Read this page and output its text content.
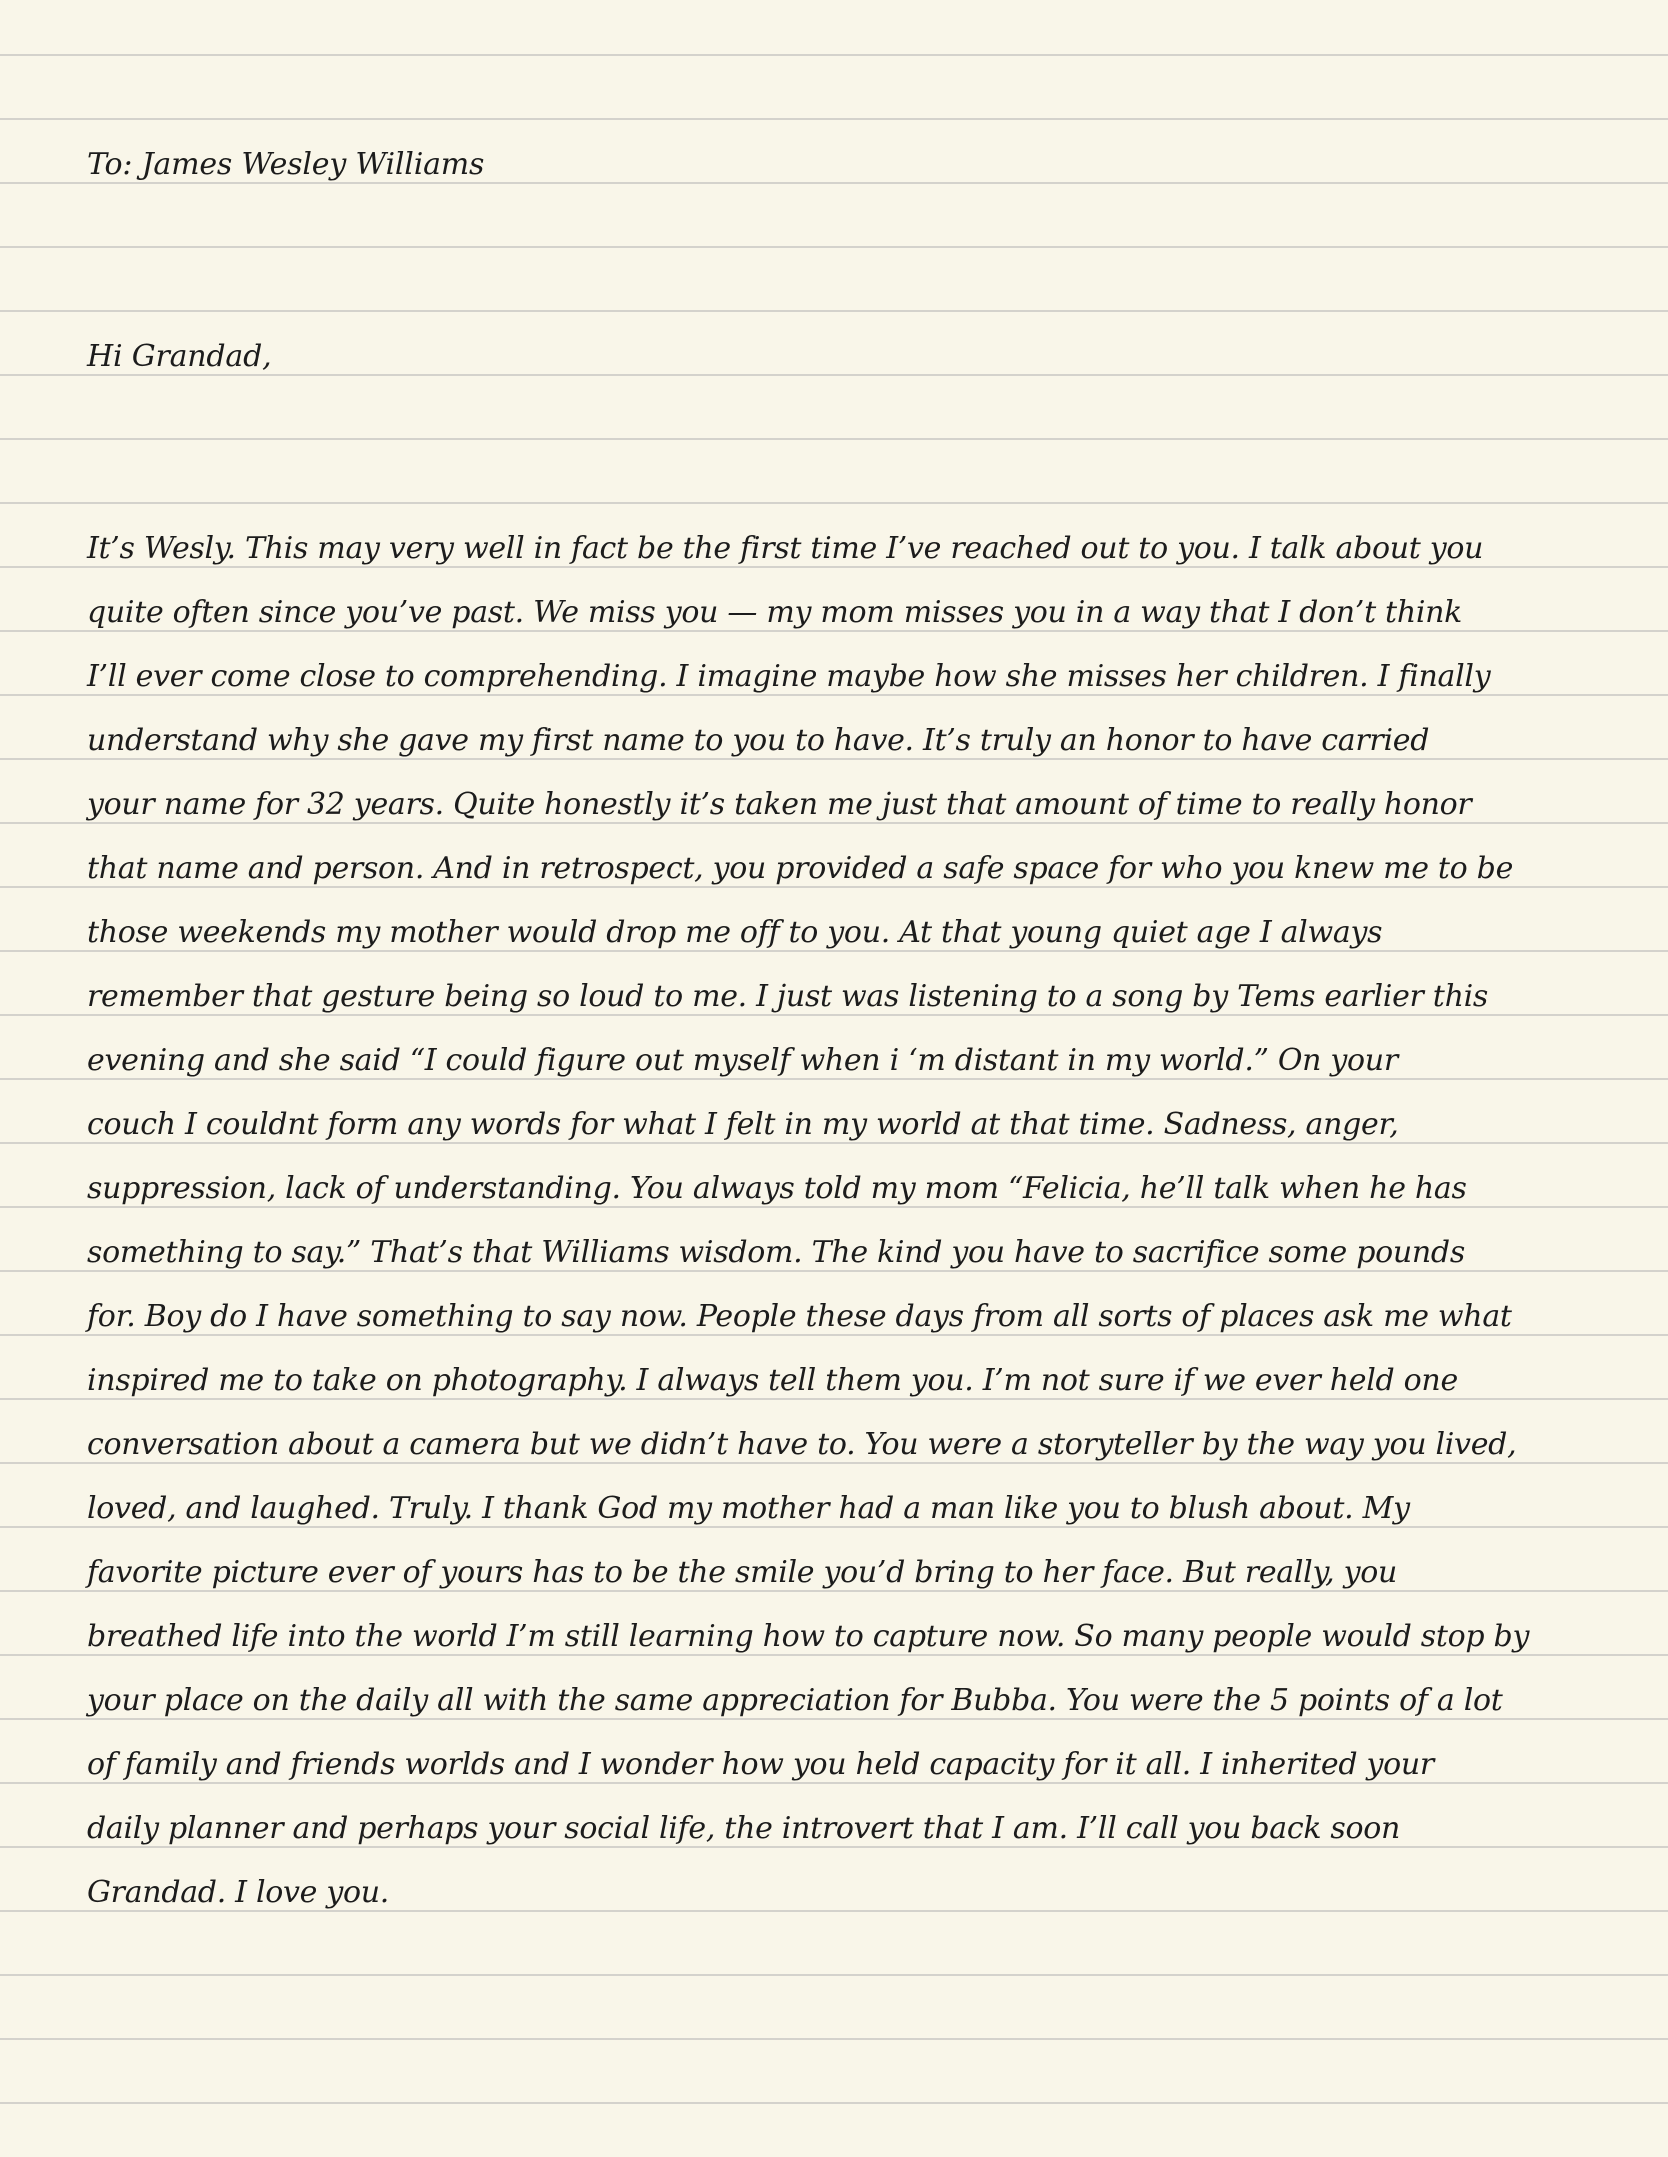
To: James Wesley Williams

Hi Grandad,

It’s Wesly. This may very well in fact be the first time I’ve reached out to you. I talk about you
quite often since you’ve past. We miss you — my mom misses you in a way that I don’t think
I’ll ever come close to comprehending. I imagine maybe how she misses her children. I finally
understand why she gave my first name to you to have. It’s truly an honor to have carried
your name for 32 years. Quite honestly it’s taken me just that amount of time to really honor
that name and person. And in retrospect, you provided a safe space for who you knew me to be
those weekends my mother would drop me off to you. At that young quiet age I always
remember that gesture being so loud to me. I just was listening to a song by Tems earlier this
evening and she said “I could figure out myself when i ‘m distant in my world.” On your
couch I couldnt form any words for what I felt in my world at that time. Sadness, anger,
suppression, lack of understanding. You always told my mom “Felicia, he’ll talk when he has
something to say.” That’s that Williams wisdom. The kind you have to sacrifice some pounds
for. Boy do I have something to say now. People these days from all sorts of places ask me what
inspired me to take on photography. I always tell them you. I’m not sure if we ever held one
conversation about a camera but we didn’t have to. You were a storyteller by the way you lived,
loved, and laughed. Truly. I thank God my mother had a man like you to blush about. My
favorite picture ever of yours has to be the smile you’d bring to her face. But really, you
breathed life into the world I’m still learning how to capture now. So many people would stop by
your place on the daily all with the same appreciation for Bubba. You were the 5 points of a lot
of family and friends worlds and I wonder how you held capacity for it all. I inherited your
daily planner and perhaps your social life, the introvert that I am. I’ll call you back soon
Grandad. I love you.
